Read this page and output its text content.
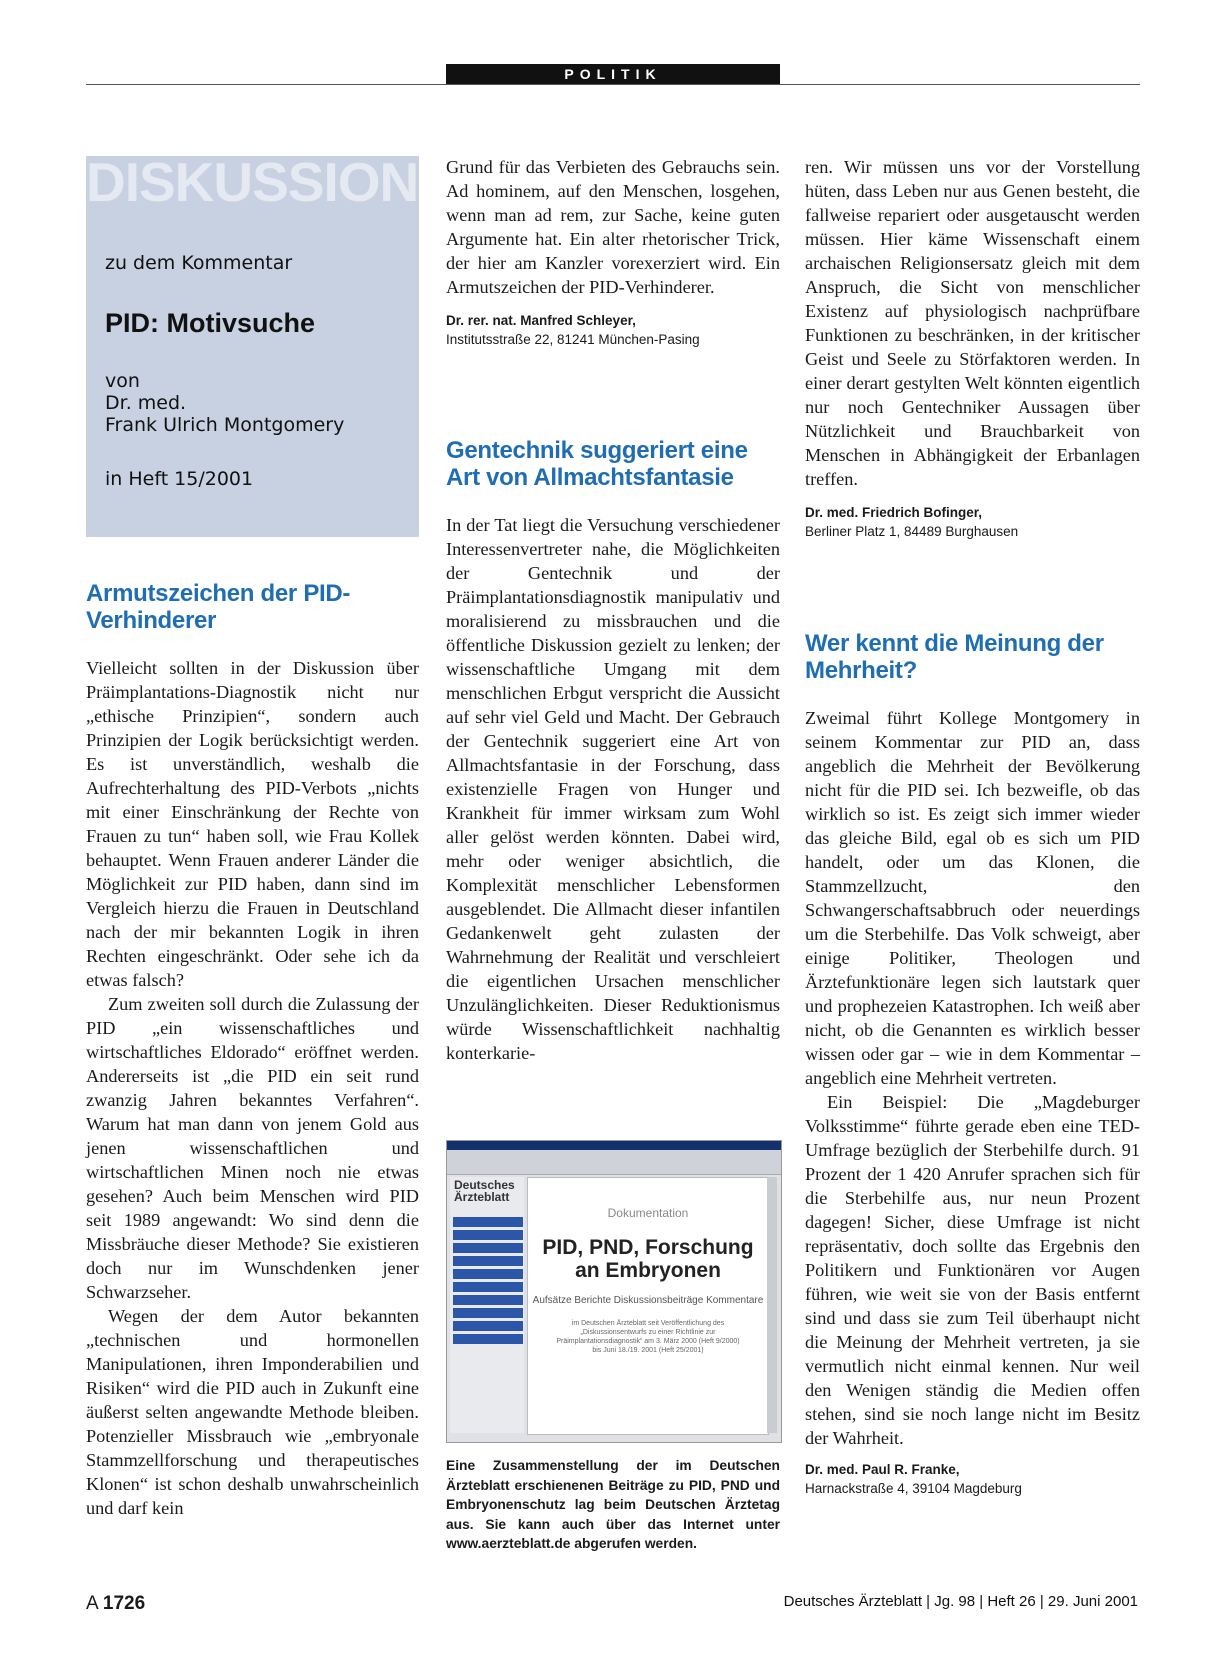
POLITIK
DISKUSSION
zu dem Kommentar
PID: Motivsuche
von
Dr. med.
Frank Ulrich Montgomery
in Heft 15/2001
Armutszeichen der PID-Verhinderer

Vielleicht sollten in der Diskussion über Präimplantations-Diagnostik nicht nur „ethische Prinzipien“, sondern auch Prinzipien der Logik berücksichtigt werden. Es ist unverständlich, weshalb die Aufrechterhaltung des PID-Verbots „nichts mit einer Einschränkung der Rechte von Frauen zu tun“ haben soll, wie Frau Kollek behauptet. Wenn Frauen anderer Länder die Möglichkeit zur PID haben, dann sind im Vergleich hierzu die Frauen in Deutschland nach der mir bekannten Logik in ihren Rechten eingeschränkt. Oder sehe ich da etwas falsch?

Zum zweiten soll durch die Zulassung der PID „ein wissenschaftliches und wirtschaftliches Eldorado“ eröffnet werden. Andererseits ist „die PID ein seit rund zwanzig Jahren bekanntes Verfahren“. Warum hat man dann von jenem Gold aus jenen wissenschaftlichen und wirtschaftlichen Minen noch nie etwas gesehen? Auch beim Menschen wird PID seit 1989 angewandt: Wo sind denn die Missbräuche dieser Methode? Sie existieren doch nur im Wunschdenken jener Schwarzseher.

Wegen der dem Autor bekannten „technischen und hormonellen Manipulationen, ihren Imponderabilien und Risiken“ wird die PID auch in Zukunft eine äußerst selten angewandte Methode bleiben. Potenzieller Missbrauch wie „embryonale Stammzellforschung und therapeutisches Klonen“ ist schon deshalb unwahrscheinlich und darf kein

Grund für das Verbieten des Gebrauchs sein. Ad hominem, auf den Menschen, losgehen, wenn man ad rem, zur Sache, keine guten Argumente hat. Ein alter rhetorischer Trick, der hier am Kanzler vorexerziert wird. Ein Armutszeichen der PID-Verhinderer.

Dr. rer. nat. Manfred Schleyer,
Institutsstraße 22, 81241 München-Pasing
Gentechnik suggeriert eine Art von Allmachtsfantasie

In der Tat liegt die Versuchung verschiedener Interessenvertreter nahe, die Möglichkeiten der Gentechnik und der Präimplantationsdiagnostik manipulativ und moralisierend zu missbrauchen und die öffentliche Diskussion gezielt zu lenken; der wissenschaftliche Umgang mit dem menschlichen Erbgut verspricht die Aussicht auf sehr viel Geld und Macht. Der Gebrauch der Gentechnik suggeriert eine Art von Allmachtsfantasie in der Forschung, dass existenzielle Fragen von Hunger und Krankheit für immer wirksam zum Wohl aller gelöst werden könnten. Dabei wird, mehr oder weniger absichtlich, die Komplexität menschlicher Lebensformen ausgeblendet. Die Allmacht dieser infantilen Gedankenwelt geht zulasten der Wahrnehmung der Realität und verschleiert die eigentlichen Ursachen menschlicher Unzulänglichkeiten. Dieser Reduktionismus würde Wissenschaftlichkeit nachhaltig konterkarie-

Deutsches Ärzteblatt
Dokumentation
PID, PND, Forschung an Embryonen
Aufsätze Berichte Diskussionsbeiträge Kommentare
im Deutschen Ärzteblatt seit Veröffentlichung des „Diskussionsentwurfs zu einer Richtlinie zur Präimplantationsdiagnostik“ am 3. März 2000 (Heft 9/2000) bis Juni 18./19. 2001 (Heft 25/2001)
Eine Zusammenstellung der im Deutschen Ärzteblatt erschienenen Beiträge zu PID, PND und Embryonenschutz lag beim Deutschen Ärztetag aus. Sie kann auch über das Internet unter www.aerzteblatt.de abgerufen werden.

ren. Wir müssen uns vor der Vorstellung hüten, dass Leben nur aus Genen besteht, die fallweise repariert oder ausgetauscht werden müssen. Hier käme Wissenschaft einem archaischen Religionsersatz gleich mit dem Anspruch, die Sicht von menschlicher Existenz auf physiologisch nachprüfbare Funktionen zu beschränken, in der kritischer Geist und Seele zu Störfaktoren werden. In einer derart gestylten Welt könnten eigentlich nur noch Gentechniker Aussagen über Nützlichkeit und Brauchbarkeit von Menschen in Abhängigkeit der Erbanlagen treffen.

Dr. med. Friedrich Bofinger,
Berliner Platz 1, 84489 Burghausen
Wer kennt die Meinung der Mehrheit?

Zweimal führt Kollege Montgomery in seinem Kommentar zur PID an, dass angeblich die Mehrheit der Bevölkerung nicht für die PID sei. Ich bezweifle, ob das wirklich so ist. Es zeigt sich immer wieder das gleiche Bild, egal ob es sich um PID handelt, oder um das Klonen, die Stammzellzucht, den Schwangerschaftsabbruch oder neuerdings um die Sterbehilfe. Das Volk schweigt, aber einige Politiker, Theologen und Ärztefunktionäre legen sich lautstark quer und prophezeien Katastrophen. Ich weiß aber nicht, ob die Genannten es wirklich besser wissen oder gar – wie in dem Kommentar – angeblich eine Mehrheit vertreten.

Ein Beispiel: Die „Magdeburger Volksstimme“ führte gerade eben eine TED-Umfrage bezüglich der Sterbehilfe durch. 91 Prozent der 1 420 Anrufer sprachen sich für die Sterbehilfe aus, nur neun Prozent dagegen! Sicher, diese Umfrage ist nicht repräsentativ, doch sollte das Ergebnis den Politikern und Funktionären vor Augen führen, wie weit sie von der Basis entfernt sind und dass sie zum Teil überhaupt nicht die Meinung der Mehrheit vertreten, ja sie vermutlich nicht einmal kennen. Nur weil den Wenigen ständig die Medien offen stehen, sind sie noch lange nicht im Besitz der Wahrheit.

Dr. med. Paul R. Franke,
Harnackstraße 4, 39104 Magdeburg
A 1726	Deutsches Ärzteblatt | Jg. 98 | Heft 26 | 29. Juni 2001
